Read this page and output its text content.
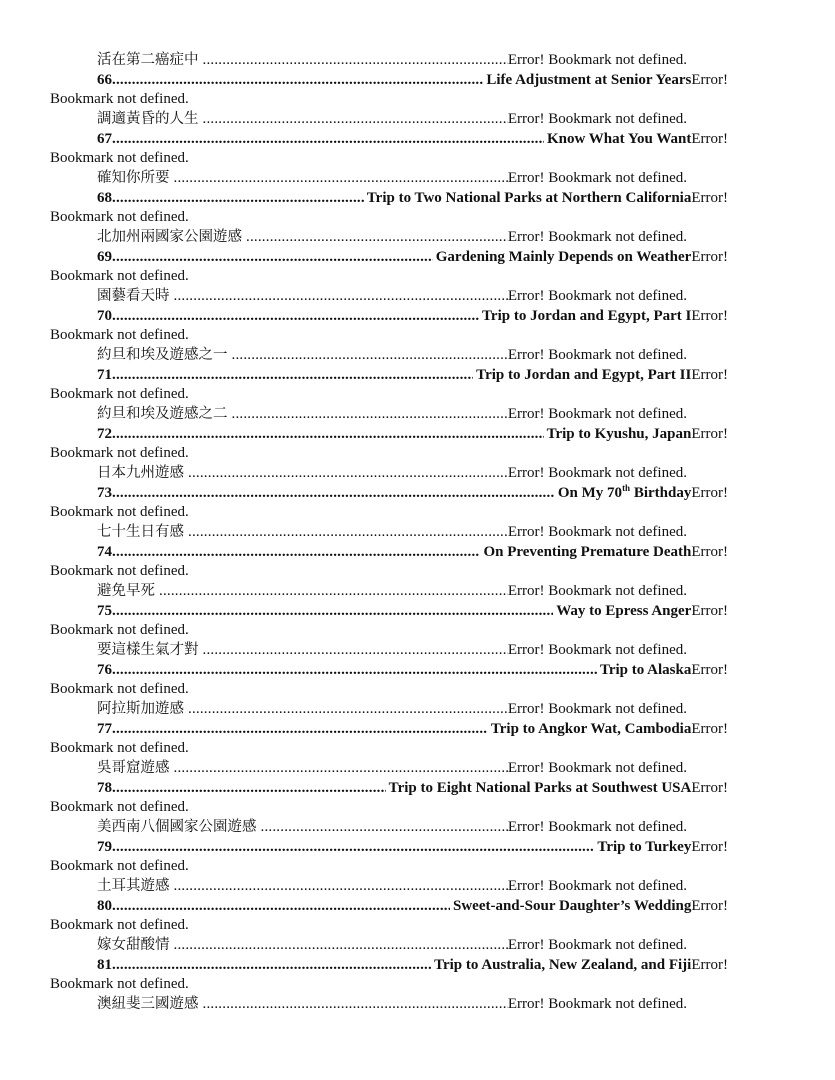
活在第二癌症中 .....	Error! Bookmark not defined.
66 .....	Life Adjustment at Senior Years Error!
Bookmark not defined.
調適黃昏的人生 .....	Error! Bookmark not defined.
67 .....	Know What You Want Error!
Bookmark not defined.
確知你所要 .....	Error! Bookmark not defined.
68 .....	Trip to Two National Parks at Northern California Error!
Bookmark not defined.
北加州兩國家公園遊感 .....	Error! Bookmark not defined.
69 .....	Gardening Mainly Depends on Weather Error!
Bookmark not defined.
園藝看天時 .....	Error! Bookmark not defined.
70 .....	Trip to Jordan and Egypt, Part I Error!
Bookmark not defined.
約旦和埃及遊感之一 .....	Error! Bookmark not defined.
71 .....	Trip to Jordan and Egypt, Part II Error!
Bookmark not defined.
約旦和埃及遊感之二 .....	Error! Bookmark not defined.
72 .....	Trip to Kyushu, Japan Error!
Bookmark not defined.
日本九州遊感 .....	Error! Bookmark not defined.
73 .....	On My 70th Birthday Error!
Bookmark not defined.
七十生日有感 .....	Error! Bookmark not defined.
74 .....	On Preventing Premature Death Error!
Bookmark not defined.
避免早死 .....	Error! Bookmark not defined.
75 .....	Way to Epress Anger Error!
Bookmark not defined.
要這樣生氣才對 .....	Error! Bookmark not defined.
76 .....	Trip to Alaska Error!
Bookmark not defined.
阿拉斯加遊感 .....	Error! Bookmark not defined.
77 .....	Trip to Angkor Wat, Cambodia Error!
Bookmark not defined.
吳哥窟遊感 .....	Error! Bookmark not defined.
78 .....	Trip to Eight National Parks at Southwest USA Error!
Bookmark not defined.
美西南八個國家公園遊感 .....	Error! Bookmark not defined.
79 .....	Trip to Turkey Error!
Bookmark not defined.
土耳其遊感 .....	Error! Bookmark not defined.
80 .....	Sweet-and-Sour Daughter’s Wedding Error!
Bookmark not defined.
嫁女甜酸情 .....	Error! Bookmark not defined.
81 .....	Trip to Australia, New Zealand, and Fiji Error!
Bookmark not defined.
澳紐斐三國遊感 .....	Error! Bookmark not defined.
